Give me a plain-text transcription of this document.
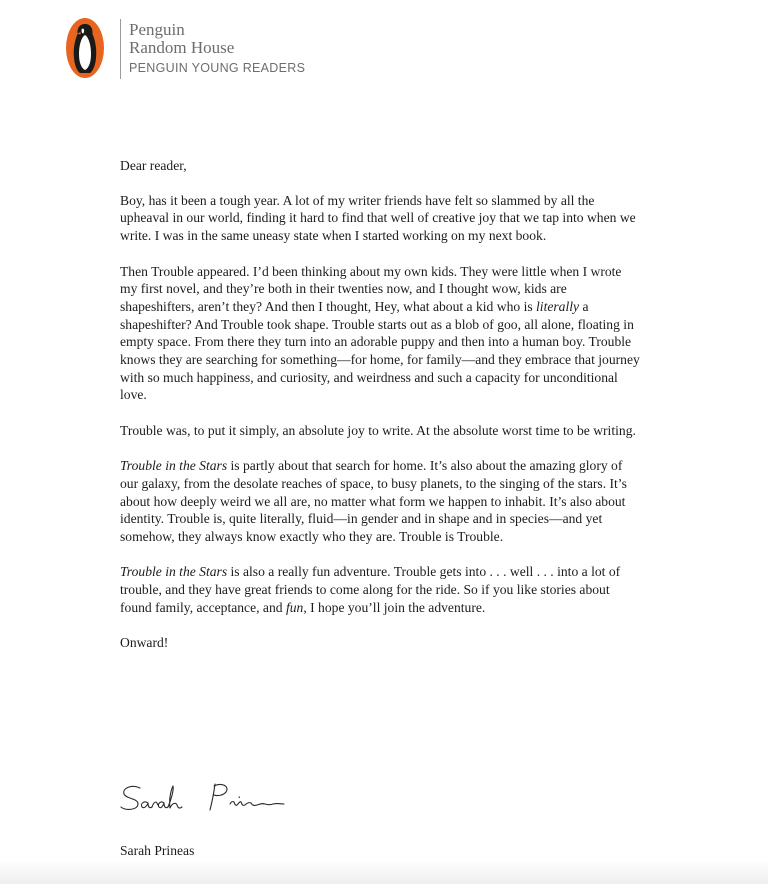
Penguin
Random House
PENGUIN YOUNG READERS

Dear reader,

Boy, has it been a tough year. A lot of my writer friends have felt so slammed by all the upheaval in our world, finding it hard to find that well of creative joy that we tap into when we write. I was in the same uneasy state when I started working on my next book.

Then Trouble appeared. I’d been thinking about my own kids. They were little when I wrote my first novel, and they’re both in their twenties now, and I thought wow, kids are shapeshifters, aren’t they? And then I thought, Hey, what about a kid who is literally a shapeshifter? And Trouble took shape. Trouble starts out as a blob of goo, all alone, floating in empty space. From there they turn into an adorable puppy and then into a human boy. Trouble knows they are searching for something—for home, for family—and they embrace that journey with so much happiness, and curiosity, and weirdness and such a capacity for unconditional love.

Trouble was, to put it simply, an absolute joy to write. At the absolute worst time to be writing.

Trouble in the Stars is partly about that search for home. It’s also about the amazing glory of our galaxy, from the desolate reaches of space, to busy planets, to the singing of the stars. It’s about how deeply weird we all are, no matter what form we happen to inhabit. It’s also about identity. Trouble is, quite literally, fluid—in gender and in shape and in species—and yet somehow, they always know exactly who they are. Trouble is Trouble.

Trouble in the Stars is also a really fun adventure. Trouble gets into . . . well . . . into a lot of trouble, and they have great friends to come along for the ride. So if you like stories about found family, acceptance, and fun, I hope you’ll join the adventure.

Onward!

Sarah Prineas
